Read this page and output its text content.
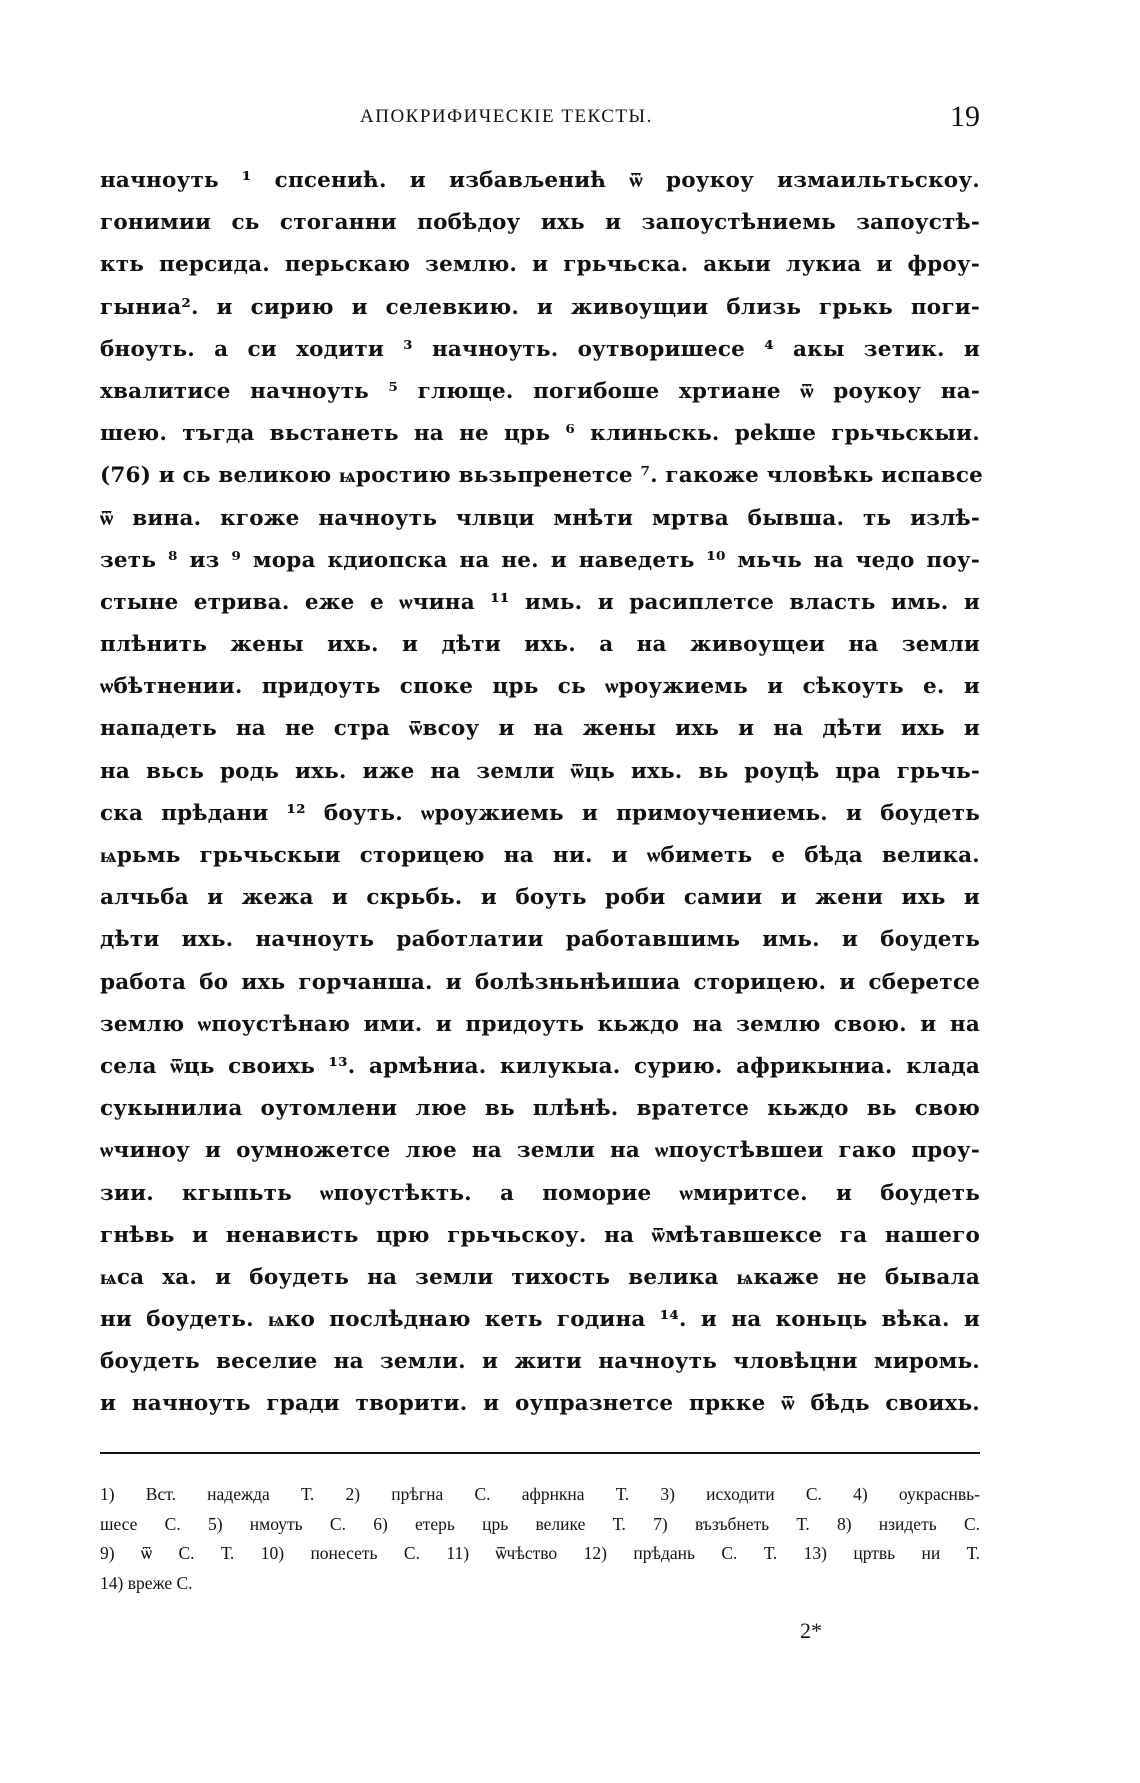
АПОКРИФИЧЕСКІЕ ТЕКСТЫ.	19
начноуть ¹ спсенић. и избављенић ѿ роукоу измаильтьскоу.
гонимии сь стоганни побѣдоу ихь и запоустѣниемь запоустѣ-
кть персида. перьскаю землю. и грьчьска. акыи лукиа и фроу-
гыниа². и сирию и селевкию. и живоущии близь грькь поги-
бноуть. а си ходити ³ начноуть. оутворишесе ⁴ акы зетик. и
хвалитисе начноуть ⁵ глюще. погибоше хртиане ѿ роукоу на-
шею. тъгда вьстанеть на не црь ⁶ клиньскь. реkше грьчьскыи.
(76) и сь великою ѩростию вьзьпренетсе ⁷. гакоже чловѣкь испавсе
ѿ вина. кгоже начноуть члвци мнѣти мртва бывша. ть излѣ-
зеть ⁸ из ⁹ мора кдиопска на не. и наведеть ¹⁰ мьчь на чедо поу-
стыне етрива. еже е ѡчина ¹¹ имь. и расиплетсе власть имь. и
плѣнить жены ихь. и дѣти ихь. а на живоущеи на земли
ѡбѣтнении. придоуть споке црь сь ѡроужиемь и сѣкоуть е. и
нападеть на не стра ѿвсоу и на жены ихь и на дѣти ихь и
на вьсь родь ихь. иже на земли ѿць ихь. вь роуцѣ цра грьчь-
ска прѣдани ¹² боуть. ѡроужиемь и примоучениемь. и боудеть
ѩрьмь грьчьскыи сторицею на ни. и ѡбиметь е бѣда велика.
алчьба и жежа и скрьбь. и боуть роби самии и жени ихь и
дѣти ихь. начноуть работлатии работавшимь имь. и боудеть
работа бо ихь горчанша. и болѣзньнѣишиа сторицею. и сберетсе
землю ѡпоустѣнаю ими. и придоуть кьждо на землю свою. и на
села ѿць своихь ¹³. армѣниа. килукыа. сурию. африкыниа. клада
сукынилиа оутомлени люе вь плѣнѣ. вратетсе кьждо вь свою
ѡчиноу и оумножетсе люе на земли на ѡпоустѣвшеи гако проу-
зии. кгыпьть ѡпоустѣкть. а поморие ѡмиритсе. и боудеть
гнѣвь и ненависть црю грьчьскоу. на ѿмѣтавшексе га нашего
ѩса ха. и боудеть на земли тихость велика ѩкаже не бывала
ни боудеть. ѩко послѣднаю кеть година ¹⁴. и на коньць вѣка. и
боудеть веселие на земли. и жити начноуть чловѣцни миромь.
и начноуть гради творити. и оупразнетсе пркке ѿ бѣдь своихь.
1) Вст. надежда Т. 2) прѣгна С. афрнкна Т. 3) исходити С. 4) оукраснвь-
шесе С. 5) нмоуть С. 6) етерь црь велике Т. 7) възъбнеть Т. 8) нзидеть С.
9) ѿ С. Т. 10) понесеть С. 11) ѿчѣство 12) прѣдань С. Т. 13) цртвь ни Т.
14) вреже С.
2*
